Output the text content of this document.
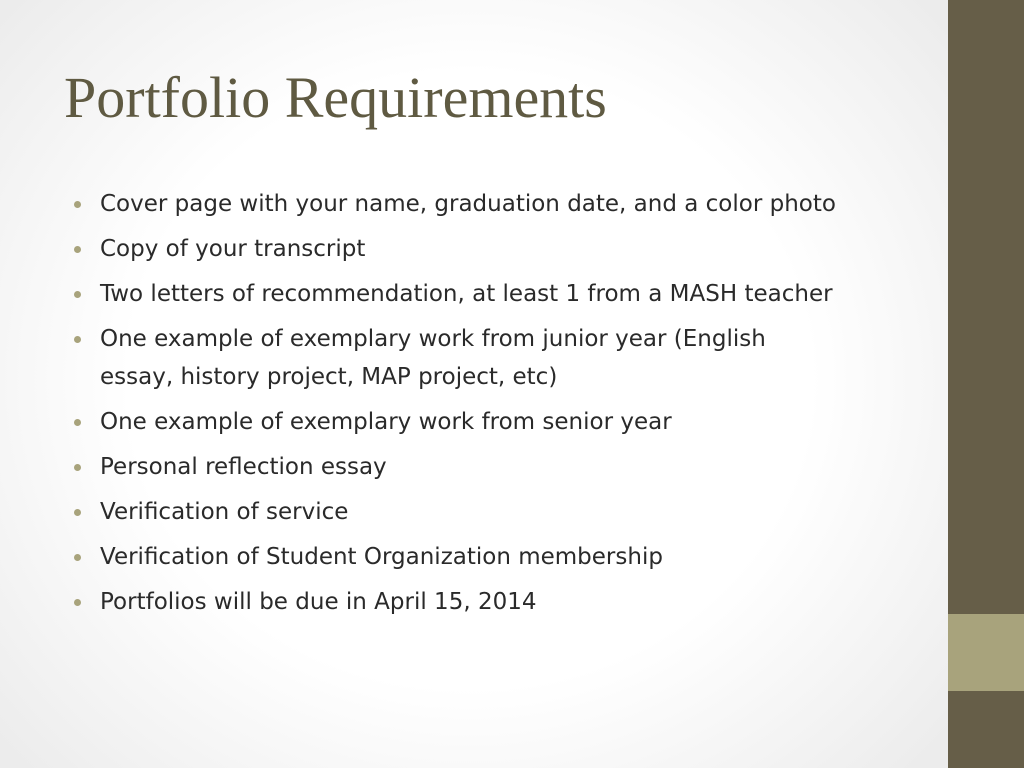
Portfolio Requirements
Cover page with your name, graduation date, and a color photo
Copy of your transcript
Two letters of recommendation, at least 1 from a MASH teacher
One example of exemplary work from junior year (English essay, history project, MAP project, etc)
One example of exemplary work from senior year
Personal reflection essay
Verification of service
Verification of Student Organization membership
Portfolios will be due in April 15, 2014
